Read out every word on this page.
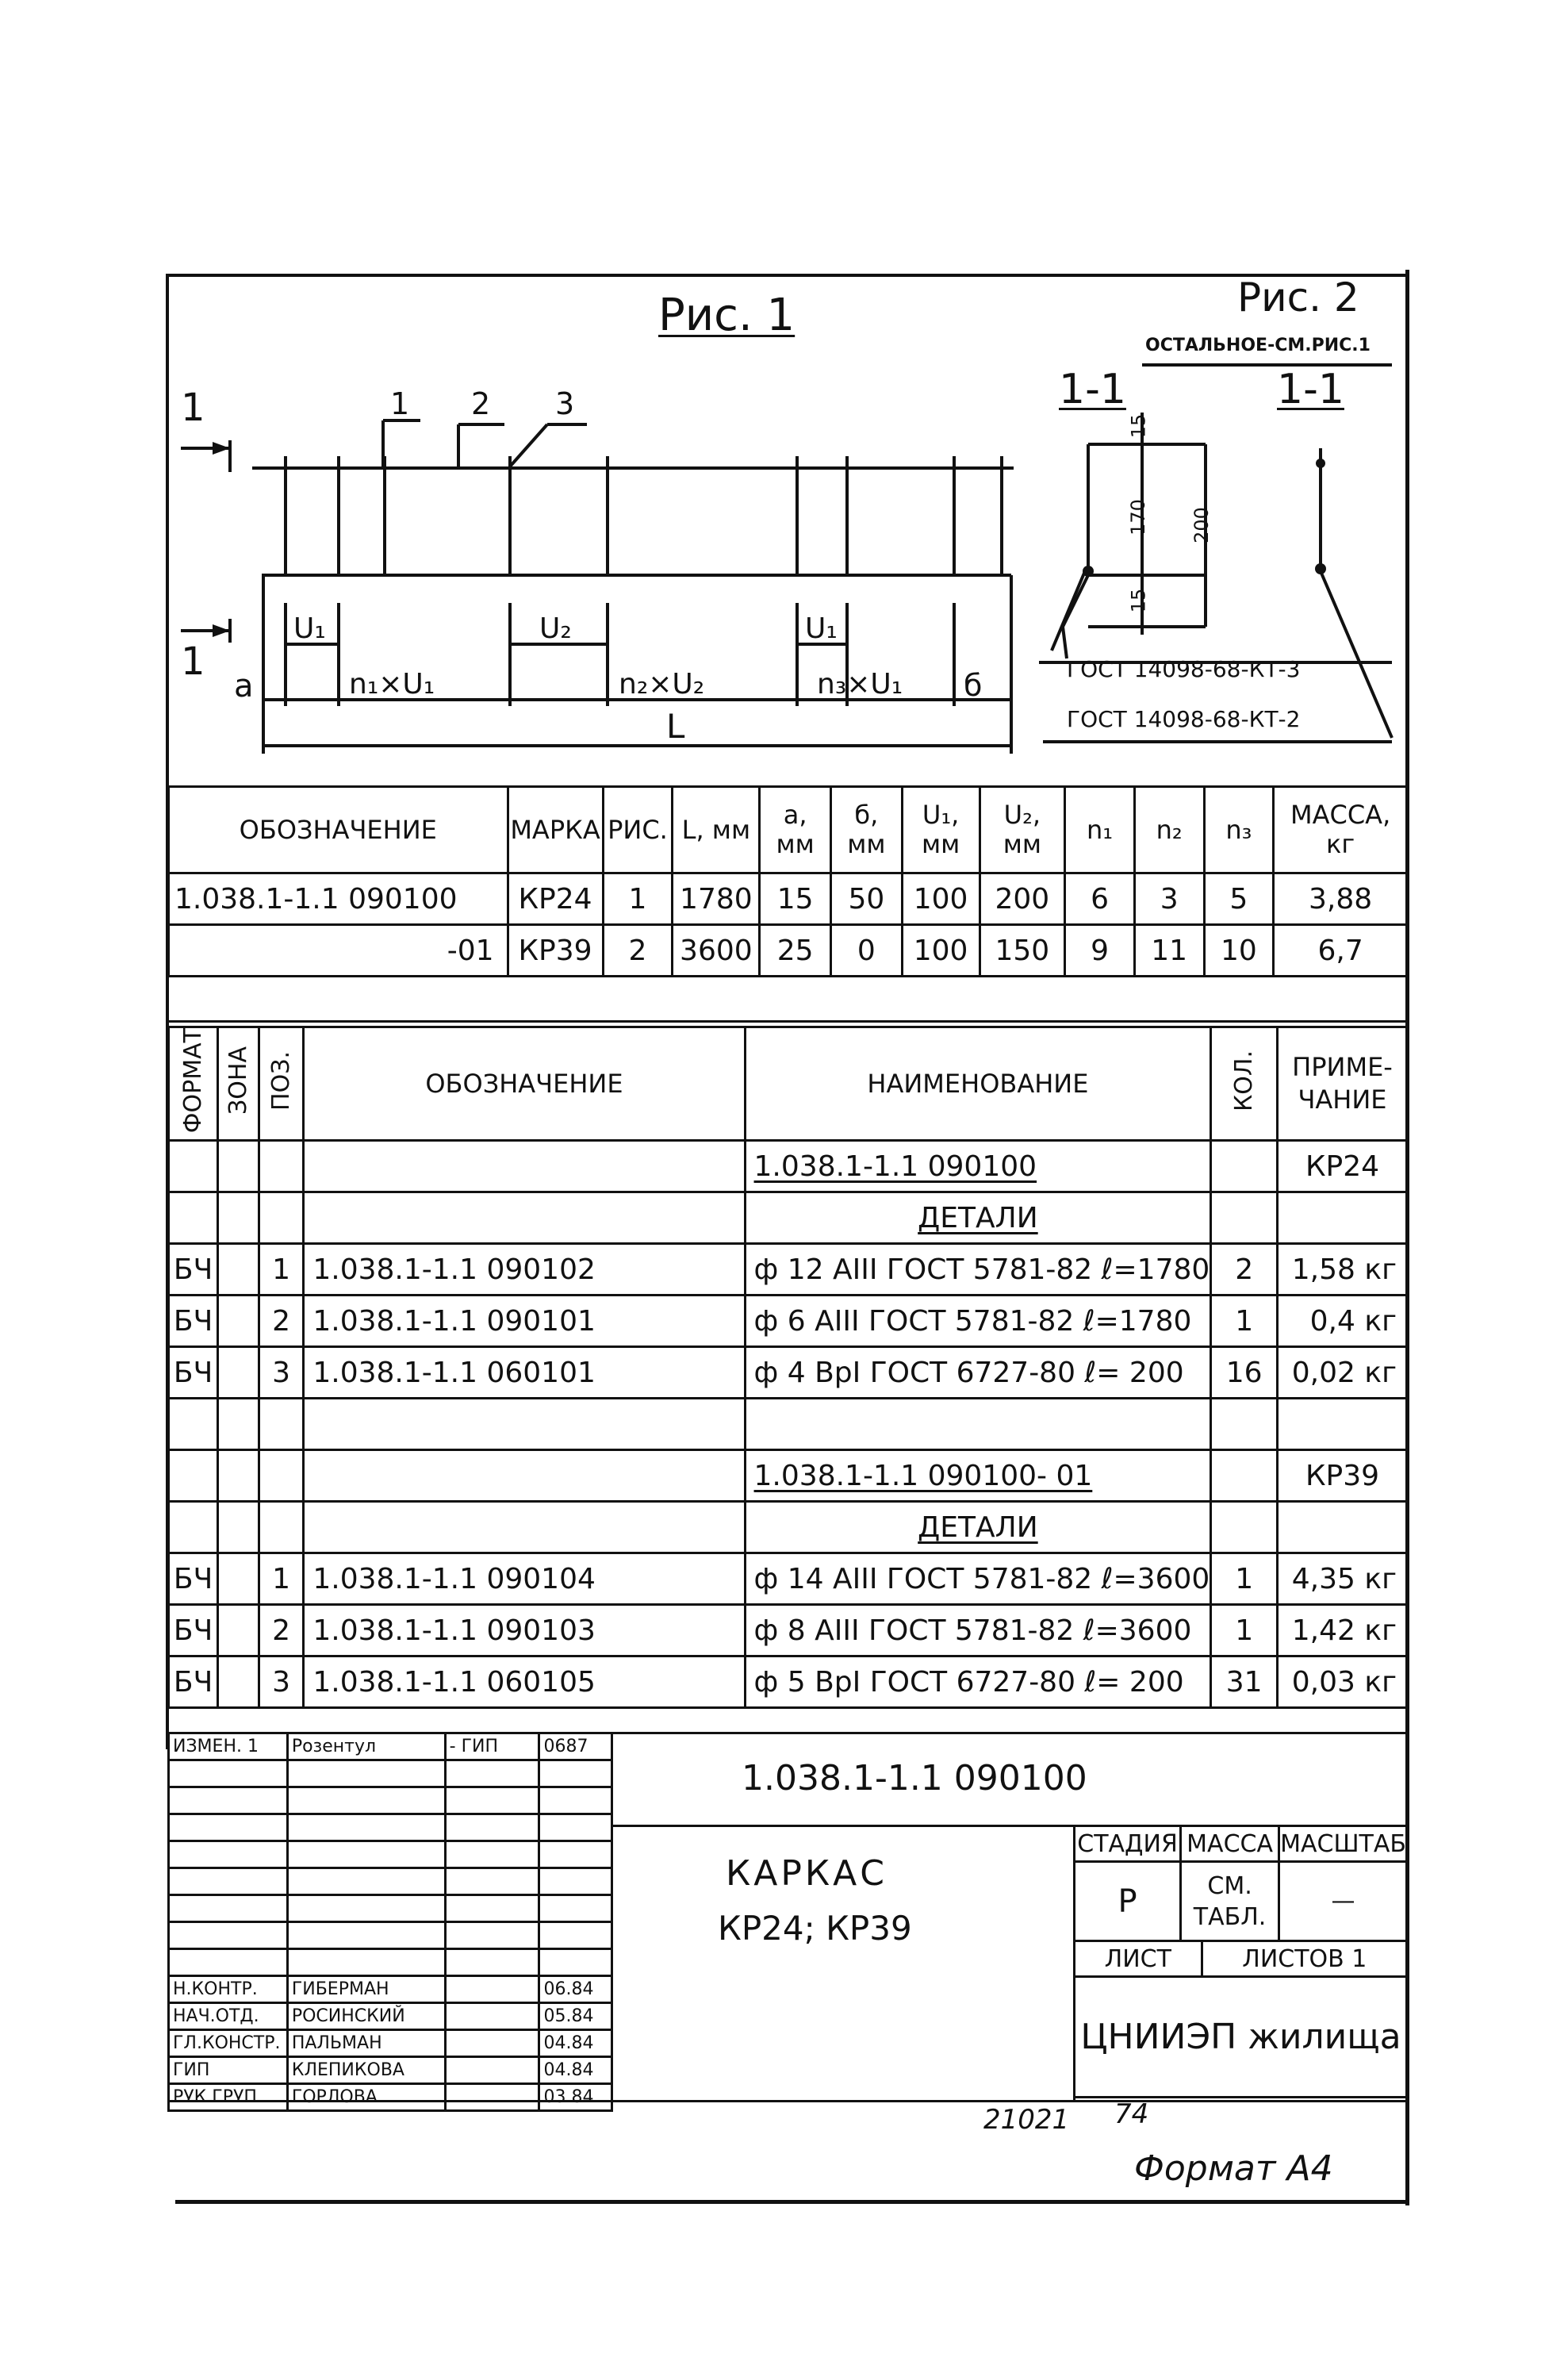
Рис. 1	Рис. 2
ОСТАЛЬНОЕ-СМ.РИС.1
1-1	1-1
1
1
1 2 3
U₁	U₂	U₁
a	n₁×U₁	n₂×U₂	n₃×U₁ б
L
15
170 200
15
ГОСТ 14098-68-КТ-3
ГОСТ 14098-68-КТ-2
ОБОЗНАЧЕНИЕ	МАРКА	РИС.	L, мм	a, мм	б, мм	U₁, мм	U₂, мм	n₁	n₂	n₃	МАССА, кг
1.038.1-1.1 090100	КР24	1	1780	15	50	100	200	6	3	5	3,88
-01	КР39	2	3600	25	0	100	150	9	11	10	6,7

ФОРМАТ	ЗОНА	ПОЗ.	ОБОЗНАЧЕНИЕ	НАИМЕНОВАНИЕ	КОЛ.	ПРИМЕ-ЧАНИЕ
				1.038.1-1.1 090100		КР24
				ДЕТАЛИ		
БЧ		1	1.038.1-1.1 090102	ф 12 АIII ГОСТ 5781-82 ℓ=1780	2	1,58 кг
БЧ		2	1.038.1-1.1 090101	ф 6 АIII ГОСТ 5781-82 ℓ=1780	1	0,4 кг
БЧ		3	1.038.1-1.1 060101	ф 4 ВрI ГОСТ 6727-80 ℓ= 200	16	0,02 кг

				1.038.1-1.1 090100- 01		КР39
				ДЕТАЛИ		
БЧ		1	1.038.1-1.1 090104	ф 14 АIII ГОСТ 5781-82 ℓ=3600	1	4,35 кг
БЧ		2	1.038.1-1.1 090103	ф 8 АIII ГОСТ 5781-82 ℓ=3600	1	1,42 кг
БЧ		3	1.038.1-1.1 060105	ф 5 ВрI ГОСТ 6727-80 ℓ= 200	31	0,03 кг
ИЗМЕН. 1	Розентул	- ГИП	0687

Н.КОНТР.	ГИБЕРМАН		06.84
НАЧ.ОТД.	РОСИНСКИЙ		05.84
ГЛ.КОНСТР.	ПАЛЬМАН		04.84
ГИП	КЛЕПИКОВА		04.84
РУК.ГРУП.	ГОРЛОВА		03.84
1.038.1-1.1 090100
КАРКАС
КР24; КР39
СТАДИЯ	МАССА		МАСШТАБ
Р	СМ. ТАБЛ.		—
ЛИСТ		ЛИСТОВ 1	
ЦНИИЭП жилища			
21021 74
Формат А4
